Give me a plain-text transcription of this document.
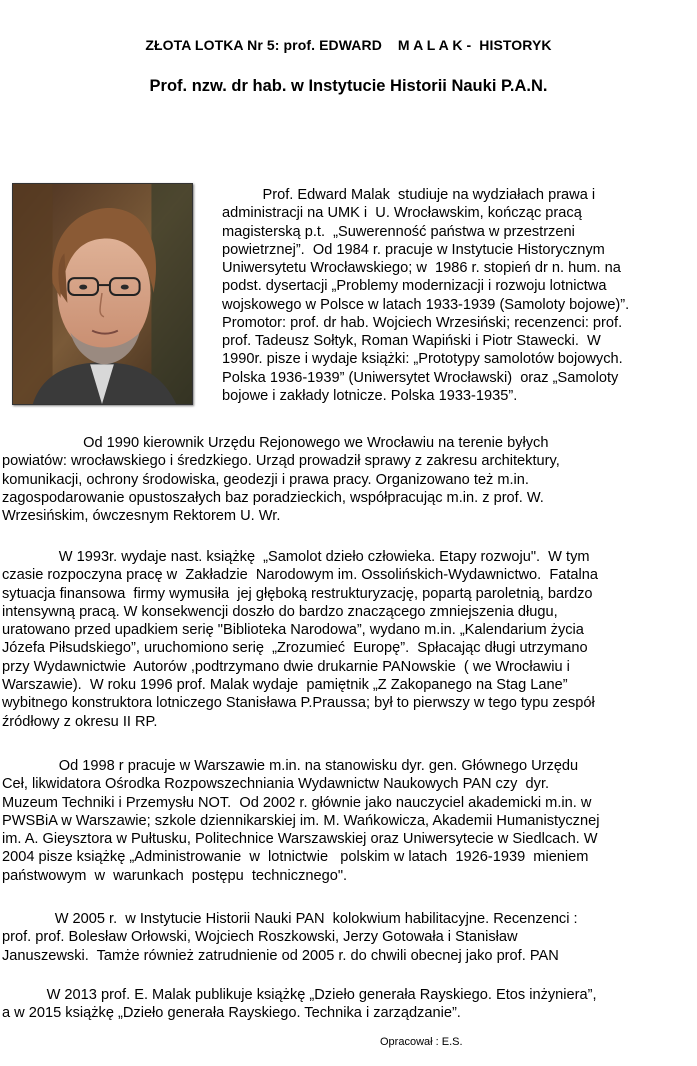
ZŁOTA LOTKA Nr 5: prof. EDWARD    M A L A K -  HISTORYK
Prof. nzw. dr hab. w Instytucie Historii Nauki P.A.N.
Prof. Edward Malak  studiuje na wydziałach prawa i
administracji na UMK i  U. Wrocławskim, kończąc pracą
magisterską p.t.  „Suwerenność państwa w przestrzeni
powietrznej”.  Od 1984 r. pracuje w Instytucie Historycznym
Uniwersytetu Wrocławskiego; w  1986 r. stopień dr n. hum. na
podst. dysertacji „Problemy modernizacji i rozwoju lotnictwa
wojskowego w Polsce w latach 1933-1939 (Samoloty bojowe)”.
Promotor: prof. dr hab. Wojciech Wrzesiński; recenzenci: prof.
prof. Tadeusz Sołtyk, Roman Wapiński i Piotr Stawecki.  W
1990r. pisze i wydaje książki: „Prototypy samolotów bojowych.
Polska 1936-1939” (Uniwersytet Wrocławski)  oraz „Samoloty
bojowe i zakłady lotnicze. Polska 1933-1935”.
Od 1990 kierownik Urzędu Rejonowego we Wrocławiu na terenie byłych
powiatów: wrocławskiego i średzkiego. Urząd prowadził sprawy z zakresu architektury,
komunikacji, ochrony środowiska, geodezji i prawa pracy. Organizowano też m.in.
zagospodarowanie opustoszałych baz poradzieckich, współpracując m.in. z prof. W.
Wrzesińskim, ówczesnym Rektorem U. Wr.
W 1993r. wydaje nast. książkę  „Samolot dzieło człowieka. Etapy rozwoju".  W tym
czasie rozpoczyna pracę w  Zakładzie  Narodowym im. Ossolińskich-Wydawnictwo.  Fatalna
sytuacja finansowa  firmy wymusiła  jej głęboką restrukturyzację, popartą paroletnią, bardzo
intensywną pracą. W konsekwencji doszło do bardzo znaczącego zmniejszenia długu,
uratowano przed upadkiem serię "Biblioteka Narodowa”, wydano m.in. „Kalendarium życia
Józefa Piłsudskiego”, uruchomiono serię  „Zrozumieć  Europę”.  Spłacając długi utrzymano
przy Wydawnictwie  Autorów ,podtrzymano dwie drukarnie PANowskie  ( we Wrocławiu i
Warszawie).  W roku 1996 prof. Malak wydaje  pamiętnik „Z Zakopanego na Stag Lane”
wybitnego konstruktora lotniczego Stanisława P.Praussa; był to pierwszy w tego typu zespół
źródłowy z okresu II RP.
Od 1998 r pracuje w Warszawie m.in. na stanowisku dyr. gen. Głównego Urzędu
Ceł, likwidatora Ośrodka Rozpowszechniania Wydawnictw Naukowych PAN czy  dyr.
Muzeum Techniki i Przemysłu NOT.  Od 2002 r. głównie jako nauczyciel akademicki m.in. w
PWSBiA w Warszawie; szkole dziennikarskiej im. M. Wańkowicza, Akademii Humanistycznej
im. A. Gieysztora w Pułtusku, Politechnice Warszawskiej oraz Uniwersytecie w Siedlcach. W
2004 pisze książkę „Administrowanie  w  lotnictwie   polskim w latach  1926-1939  mieniem
państwowym  w  warunkach  postępu  technicznego".
W 2005 r.  w Instytucie Historii Nauki PAN  kolokwium habilitacyjne. Recenzenci :
prof. prof. Bolesław Orłowski, Wojciech Roszkowski, Jerzy Gotowała i Stanisław
Januszewski.  Tamże również zatrudnienie od 2005 r. do chwili obecnej jako prof. PAN
W 2013 prof. E. Malak publikuje książkę „Dzieło generała Rayskiego. Etos inżyniera”,
a w 2015 książkę „Dzieło generała Rayskiego. Technika i zarządzanie”.
Opracował : E.S.
